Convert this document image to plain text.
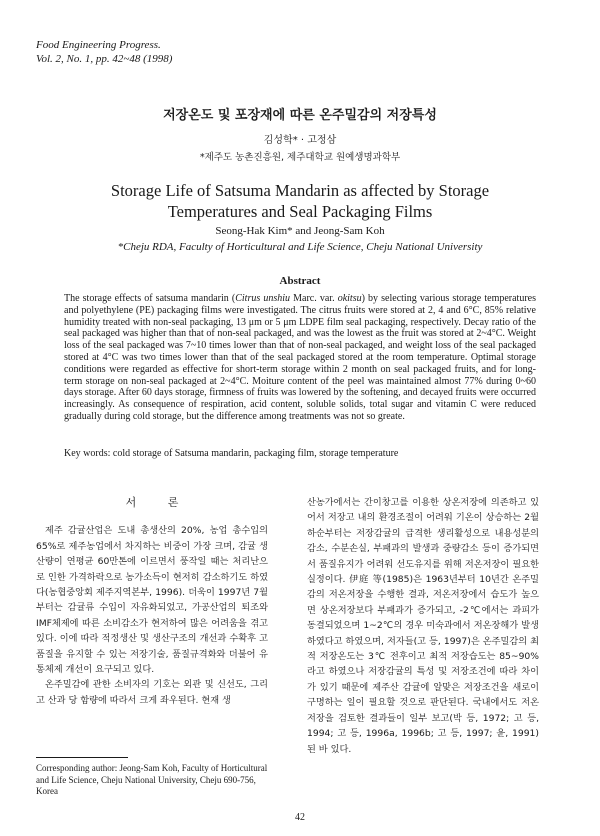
Food Engineering Progress.
Vol. 2, No. 1, pp. 42~48 (1998)
저장온도 및 포장재에 따른 온주밀감의 저장특성
김성학* · 고정삼
*제주도 농촌진흥원, 제주대학교 원예생명과학부
Storage Life of Satsuma Mandarin as affected by Storage
Temperatures and Seal Packaging Films
Seong-Hak Kim* and Jeong-Sam Koh
*Cheju RDA, Faculty of Horticultural and Life Science, Cheju National University
Abstract

The storage effects of satsuma mandarin (Citrus unshiu Marc. var. okitsu) by selecting various storage temperatures and polyethylene (PE) packaging films were investigated. The citrus fruits were stored at 2, 4 and 6°C, 85% relative humidity treated with non-seal packaging, 13 μm or 5 μm LDPE film seal packaging, respectively. Decay ratio of the seal packaged was higher than that of non-seal packaged, and was the lowest as the fruit was stored at 2~4°C. Weight loss of the seal packaged was 7~10 times lower than that of non-seal packaged, and weight loss of the seal packaged stored at 4°C was two times lower than that of the seal packaged stored at the room temperature. Optimal storage conditions were regarded as effective for short-term storage within 2 month on seal packaged fruits, and for long-term storage on non-seal packaged at 2~4°C. Moiture content of the peel was maintained almost 77% during 0~60 days storage. After 60 days storage, firmness of fruits was lowered by the softening, and decayed fruits were occurred increasingly. As consequence of respiration, acid content, soluble solids, total sugar and vitamin C were reduced gradually during cold storage, but the difference among treatments was not so greate.

Key words: cold storage of Satsuma mandarin, packaging film, storage temperature
서 론

제주 감귤산업은 도내 총생산의 20%, 농업 총수입의 65%로 제주농업에서 차지하는 비중이 가장 크며, 감귤 생산량이 연평균 60만톤에 이르면서 풍작일 때는 처리난으로 인한 가격하락으로 농가소득이 현저히 감소하기도 하였다(농협중앙회 제주지역본부, 1996). 더욱이 1997년 7월부터는 감귤류 수입이 자유화되었고, 가공산업의 퇴조와 IMF체제에 따른 소비감소가 현저하여 많은 어려움을 겪고 있다. 이에 따라 적정생산 및 생산구조의 개선과 수확후 고품질을 유지할 수 있는 저장기술, 품질규격화와 더불어 유통체제 개선이 요구되고 있다.

온주밀감에 관한 소비자의 기호는 외관 및 신선도, 그리고 산과 당 함량에 따라서 크게 좌우된다. 현재 생

산농가에서는 간이창고를 이용한 상온저장에 의존하고 있어서 저장고 내의 환경조절이 어려워 기온이 상승하는 2월 하순부터는 저장감귤의 급격한 생리활성으로 내용성분의 감소, 수분손실, 부패과의 발생과 중량감소 등이 증가되면서 품질유지가 어려워 선도유지를 위해 저온저장이 필요한 실정이다. 伊庭 等(1985)은 1963년부터 10년간 온주밀감의 저온저장을 수행한 결과, 저온저장에서 습도가 높으면 상온저장보다 부패과가 증가되고, -2℃에서는 과피가 동결되었으며 1~2℃의 경우 미숙과에서 저온장해가 발생하였다고 하였으며, 저자들(고 등, 1997)은 온주밀감의 최적 저장온도는 3℃ 전후이고 최적 저장습도는 85~90%라고 하였으나 저장감귤의 특성 및 저장조건에 따라 차이가 있기 때문에 제주산 감귤에 알맞은 저장조건을 새로이 구명하는 일이 필요할 것으로 판단된다. 국내에서도 저온저장을 검토한 결과들이 일부 보고(박 등, 1972; 고 등, 1994; 고 등, 1996a, 1996b; 고 등, 1997; 윤, 1991)된 바 있다.

Corresponding author: Jeong-Sam Koh, Faculty of Horticultural and Life Science, Cheju National University, Cheju 690-756, Korea
42
